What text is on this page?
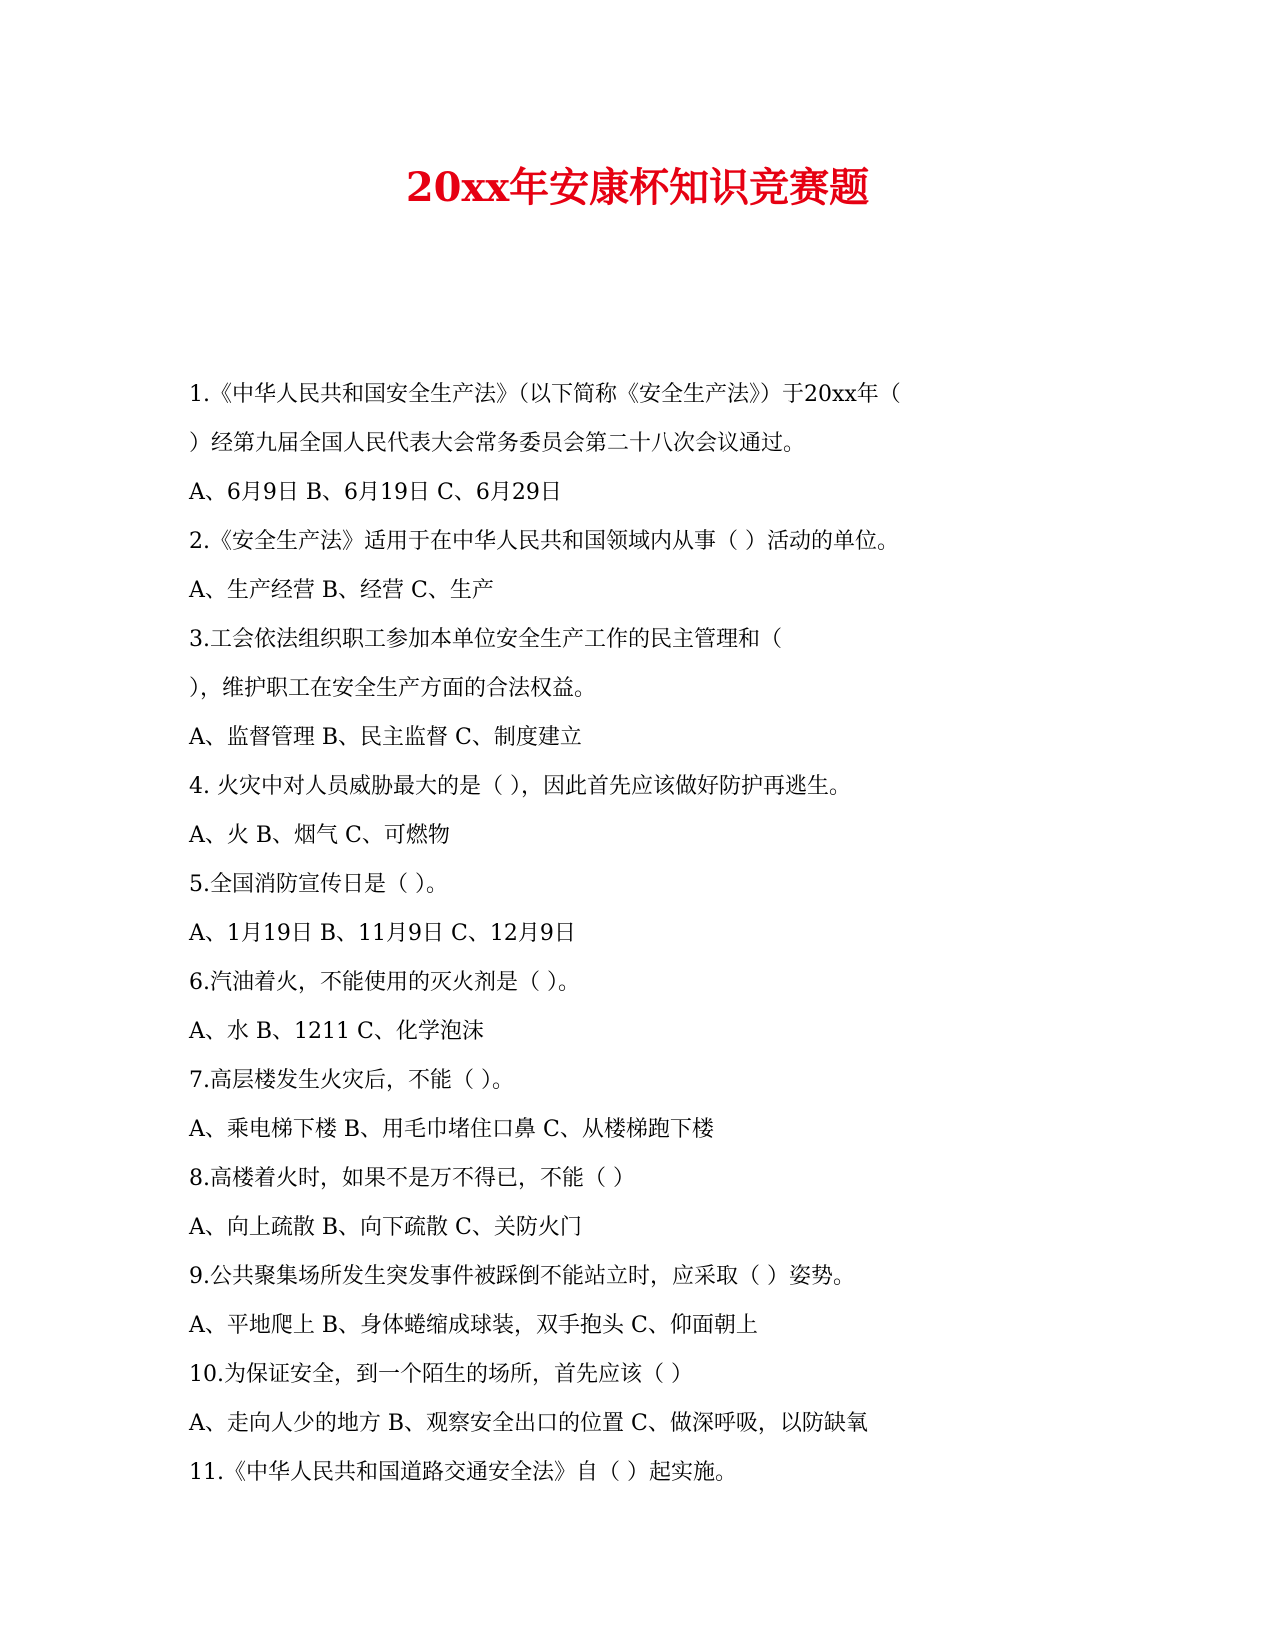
20xx年安康杯知识竞赛题

1.《中华人民共和国安全生产法》（以下简称《安全生产法》）于20xx年（

）经第九届全国人民代表大会常务委员会第二十八次会议通过。

A、6月9日 B、6月19日 C、6月29日

2.《安全生产法》适用于在中华人民共和国领域内从事（ ）活动的单位。

A、生产经营 B、经营 C、生产

3.工会依法组织职工参加本单位安全生产工作的民主管理和（

），维护职工在安全生产方面的合法权益。

A、监督管理 B、民主监督 C、制度建立

4. 火灾中对人员威胁最大的是（ ），因此首先应该做好防护再逃生。

A、火 B、烟气 C、可燃物

5.全国消防宣传日是（ ）。

A、1月19日 B、11月9日 C、12月9日

6.汽油着火，不能使用的灭火剂是（ ）。

A、水 B、1211 C、化学泡沫

7.高层楼发生火灾后，不能（ ）。

A、乘电梯下楼 B、用毛巾堵住口鼻 C、从楼梯跑下楼

8.高楼着火时，如果不是万不得已，不能（ ）

A、向上疏散 B、向下疏散 C、关防火门

9.公共聚集场所发生突发事件被踩倒不能站立时，应采取（ ）姿势。

A、平地爬上 B、身体蜷缩成球装，双手抱头 C、仰面朝上

10.为保证安全，到一个陌生的场所，首先应该（ ）

A、走向人少的地方 B、观察安全出口的位置 C、做深呼吸，以防缺氧

11.《中华人民共和国道路交通安全法》自（ ）起实施。
